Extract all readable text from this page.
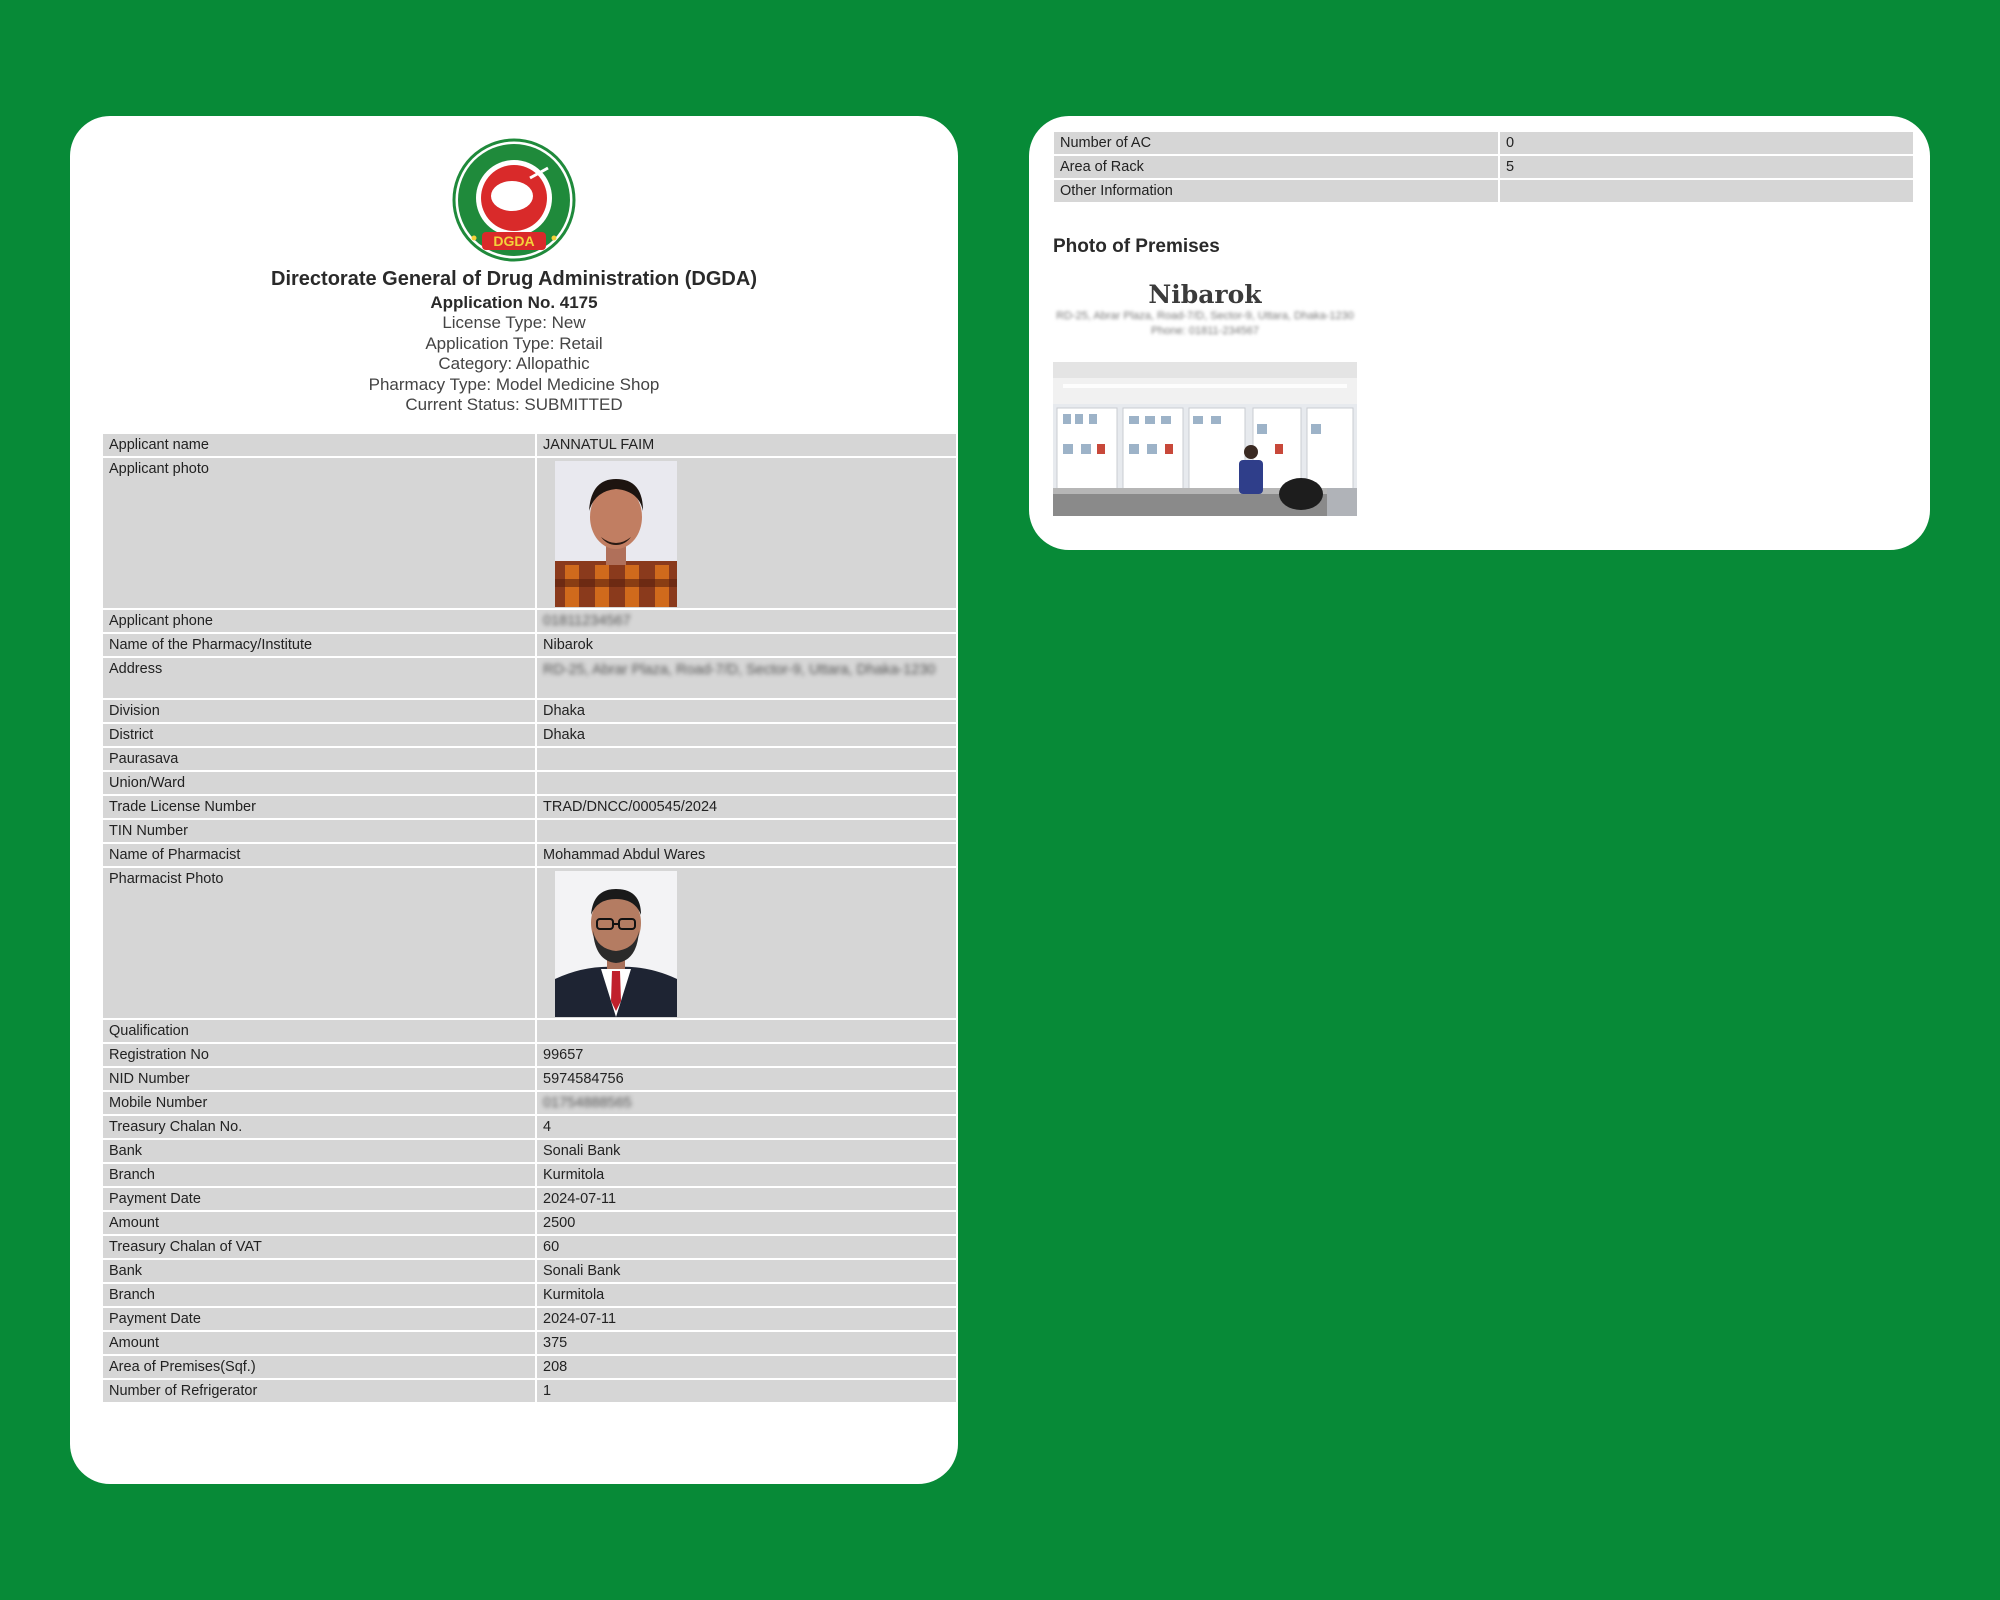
DGDA
Directorate General of Drug Administration (DGDA)
Application No. 4175
License Type: New
Application Type: Retail
Category: Allopathic
Pharmacy Type: Model Medicine Shop
Current Status: SUBMITTED
Applicant name	JANNATUL FAIM
Applicant photo	

Applicant phone	01811234567
Name of the Pharmacy/Institute	Nibarok
Address	RD-25, Abrar Plaza, Road-7/D, Sector-9, Uttara, Dhaka-1230

Division	Dhaka
District	Dhaka
Paurasava	
Union/Ward	
Trade License Number	TRAD/DNCC/000545/2024
TIN Number	
Name of Pharmacist	Mohammad Abdul Wares
Pharmacist Photo	

Qualification	
Registration No	99657
NID Number	5974584756
Mobile Number	01754888565
Treasury Chalan No.	4
Bank	Sonali Bank
Branch	Kurmitola
Payment Date	2024-07-11
Amount	2500
Treasury Chalan of VAT	60
Bank	Sonali Bank
Branch	Kurmitola
Payment Date	2024-07-11
Amount	375
Area of Premises(Sqf.)	208
Number of Refrigerator	1
Number of AC	0
Area of Rack	5
Other Information	
Photo of Premises
Nibarok
RD-25, Abrar Plaza, Road-7/D, Sector-9, Uttara, Dhaka-1230
Phone: 01811-234567
